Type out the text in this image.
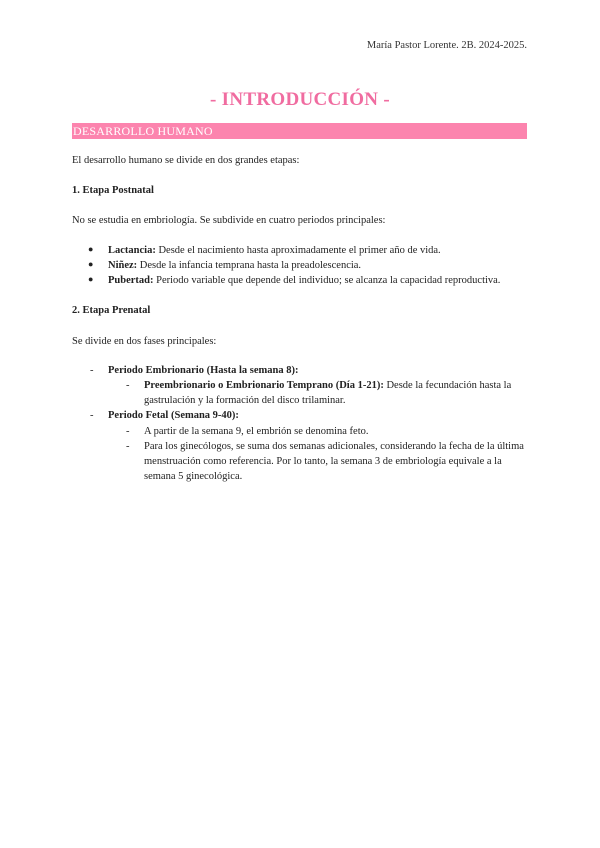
María Pastor Lorente. 2B. 2024-2025.
- INTRODUCCIÓN -
DESARROLLO HUMANO

El desarrollo humano se divide en dos grandes etapas:

1. Etapa Postnatal

No se estudia en embriología. Se subdivide en cuatro periodos principales:

● Lactancia: Desde el nacimiento hasta aproximadamente el primer año de vida.
● Niñez: Desde la infancia temprana hasta la preadolescencia.
● Pubertad: Periodo variable que depende del individuo; se alcanza la capacidad reproductiva.

2. Etapa Prenatal

Se divide en dos fases principales:

- Periodo Embrionario (Hasta la semana 8):
- Preembrionario o Embrionario Temprano (Día 1-21): Desde la fecundación hasta la gastrulación y la formación del disco trilaminar.
- Periodo Fetal (Semana 9-40):
- A partir de la semana 9, el embrión se denomina feto.
- Para los ginecólogos, se suma dos semanas adicionales, considerando la fecha de la última menstruación como referencia. Por lo tanto, la semana 3 de embriología equivale a la semana 5 ginecológica.
